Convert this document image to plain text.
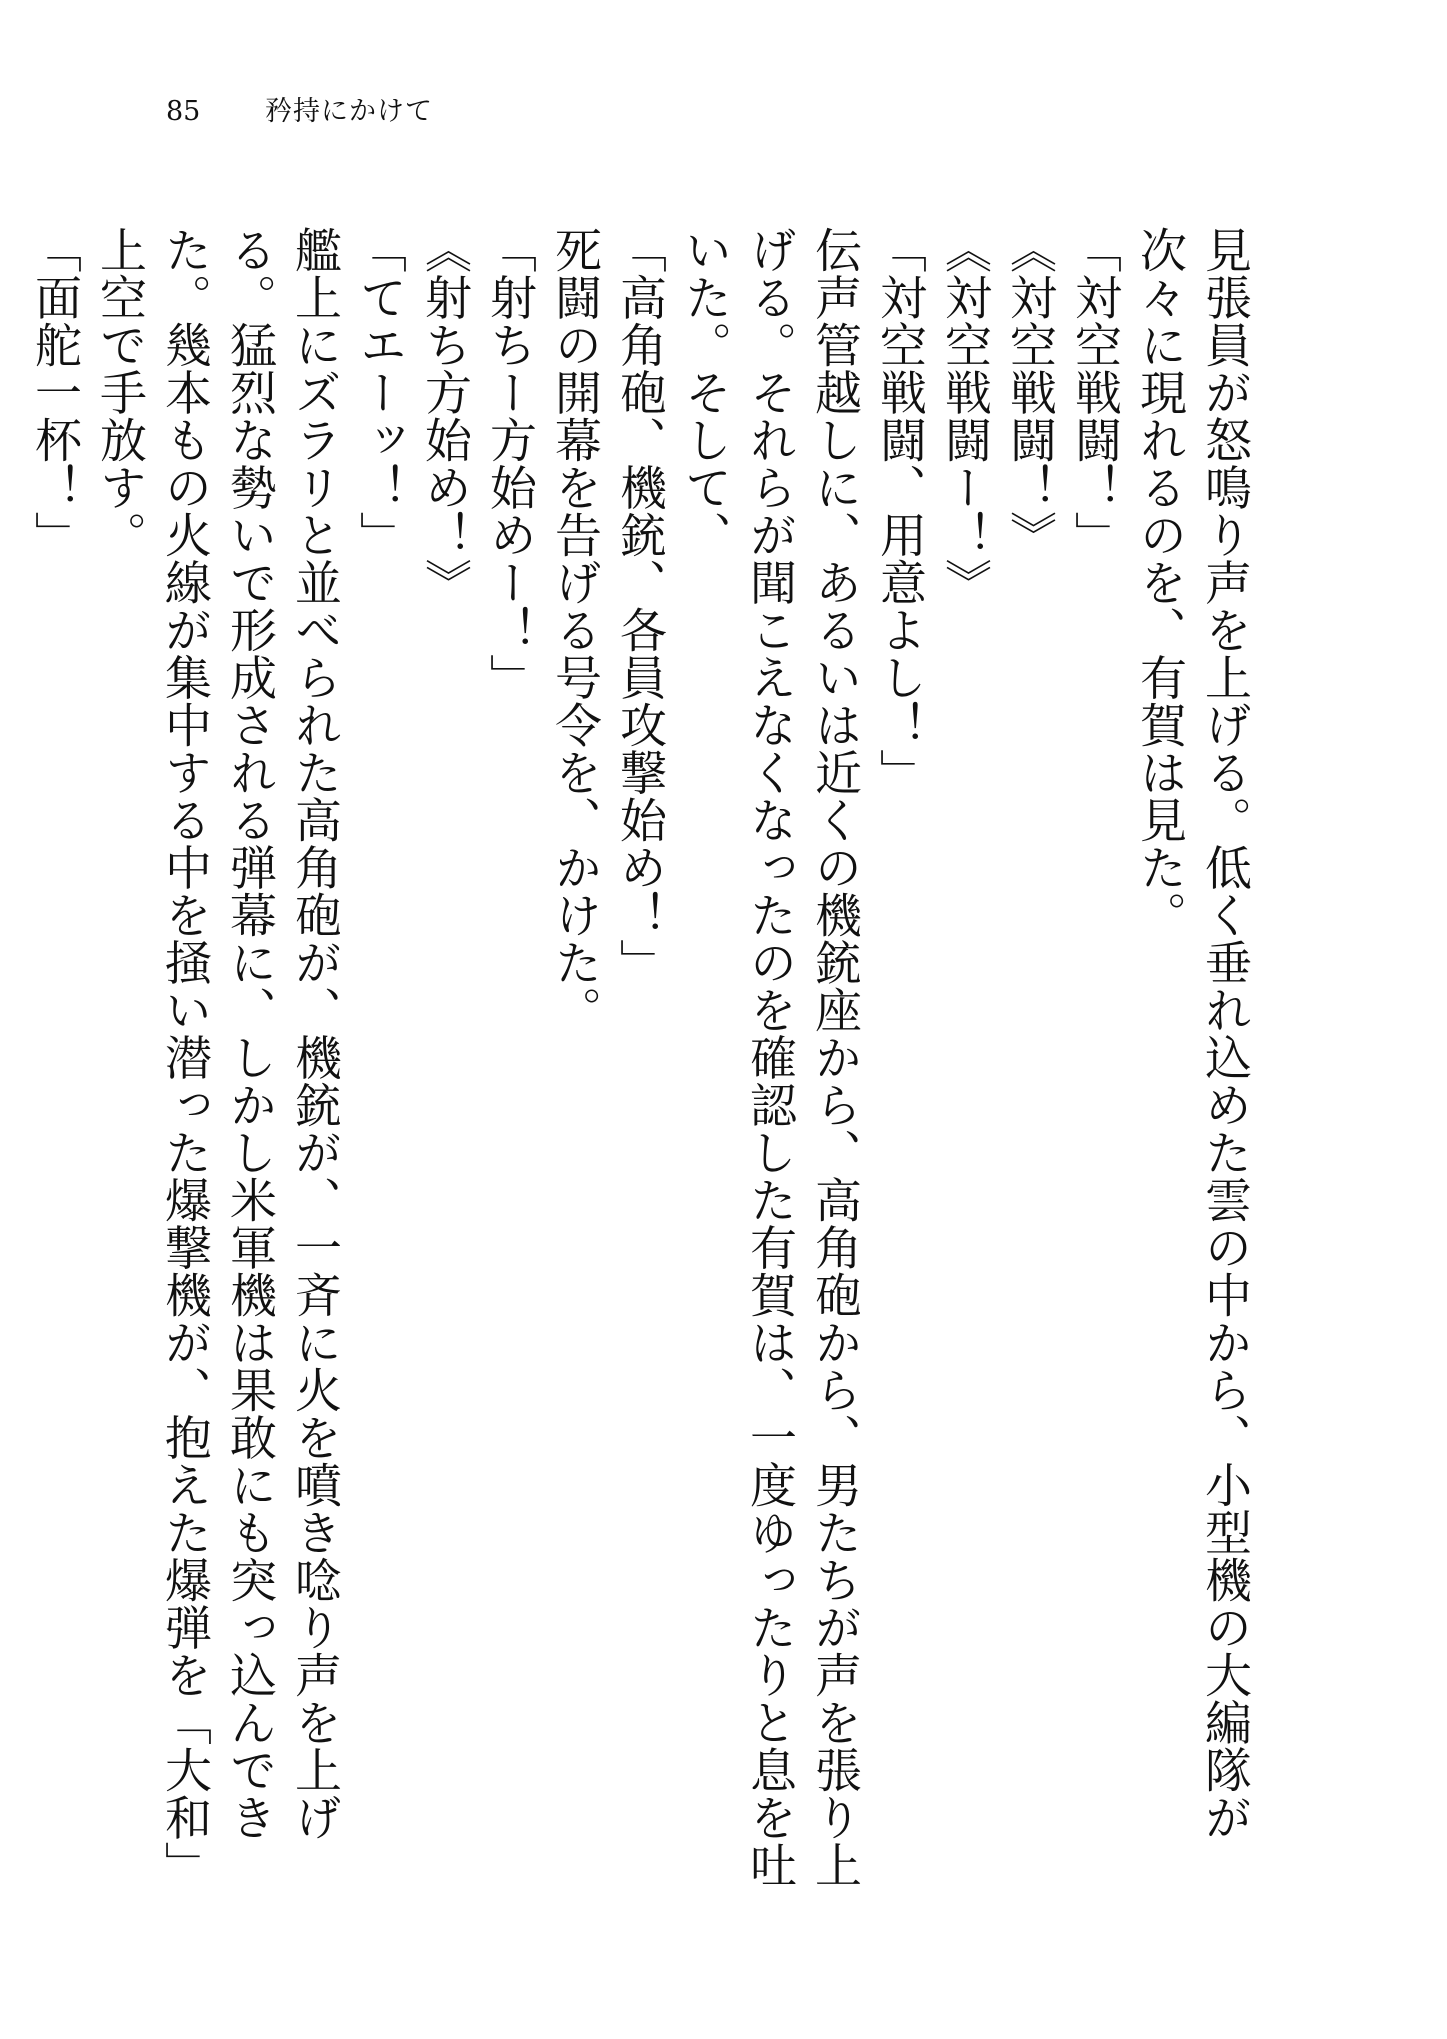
85 矜持にかけて

見張員が怒鳴り声を上げる。低く垂れ込めた雲の中から、小型機の大編隊が次々に現れるのを、有賀は見た。

「対空戦闘！」

《対空戦闘！》

《対空戦闘ー！》

「対空戦闘、用意よし！」

伝声管越しに、あるいは近くの機銃座から、高角砲から、男たちが声を張り上げる。それらが聞こえなくなったのを確認した有賀は、一度ゆったりと息を吐いた。そして、

「高角砲、機銃、各員攻撃始め！」

死闘の開幕を告げる号令を、かけた。

「射ちー方始めー！」

《射ち方始め！》

「てエーッ！」

艦上にズラリと並べられた高角砲が、機銃が、一斉に火を噴き唸り声を上げる。猛烈な勢いで形成される弾幕に、しかし米軍機は果敢にも突っ込んできた。幾本もの火線が集中する中を掻い潜った爆撃機が、抱えた爆弾を「大和」上空で手放す。

「面舵一杯！」
